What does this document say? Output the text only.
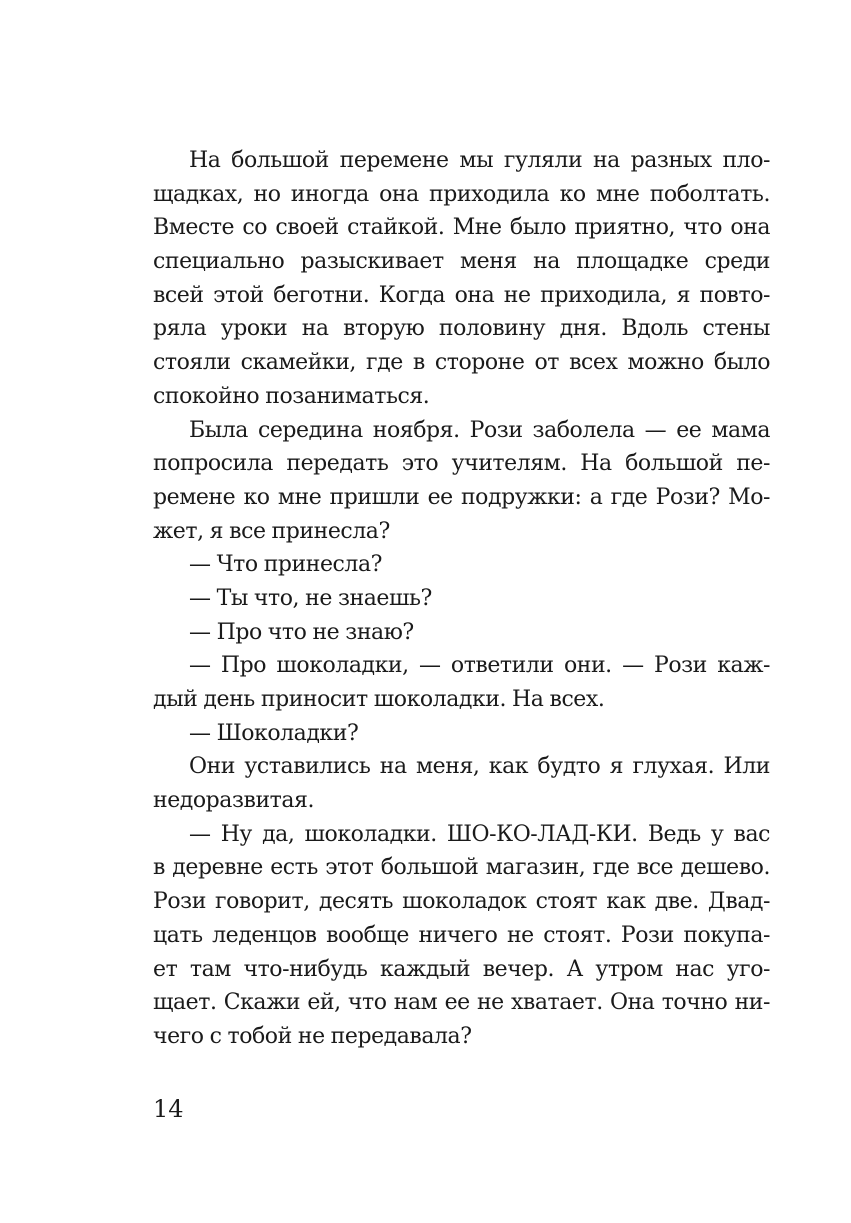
На большой перемене мы гуляли на разных пло-
щадках, но иногда она приходила ко мне поболтать.
Вместе со своей стайкой. Мне было приятно, что она
специально разыскивает меня на площадке среди
всей этой беготни. Когда она не приходила, я повто-
ряла уроки на вторую половину дня. Вдоль стены
стояли скамейки, где в стороне от всех можно было
спокойно позаниматься.
Была середина ноября. Рози заболела — ее мама
попросила передать это учителям. На большой пе-
ремене ко мне пришли ее подружки: а где Рози? Мо-
жет, я все принесла?
— Что принесла?
— Ты что, не знаешь?
— Про что не знаю?
— Про шоколадки, — ответили они. — Рози каж-
дый день приносит шоколадки. На всех.
— Шоколадки?
Они уставились на меня, как будто я глухая. Или
недоразвитая.
— Ну да, шоколадки. ШО-КО-ЛАД-КИ. Ведь у вас
в деревне есть этот большой магазин, где все дешево.
Рози говорит, десять шоколадок стоят как две. Двад-
цать леденцов вообще ничего не стоят. Рози покупа-
ет там что-нибудь каждый вечер. А утром нас уго-
щает. Скажи ей, что нам ее не хватает. Она точно ни-
чего с тобой не передавала?
14
